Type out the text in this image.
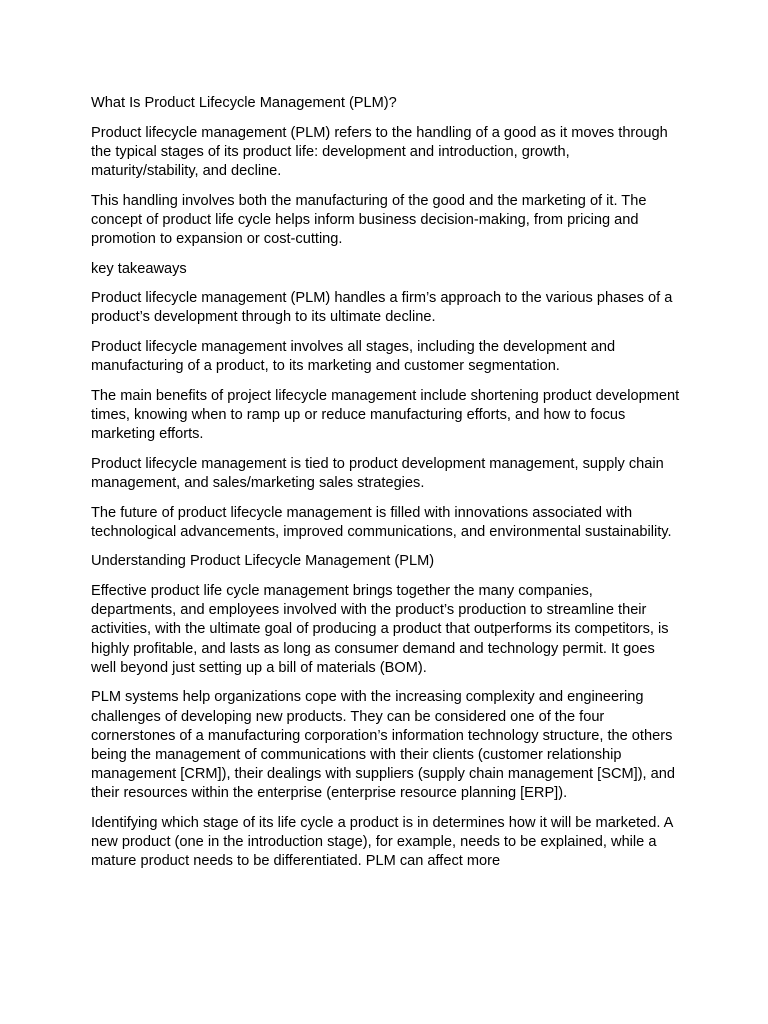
What Is Product Lifecycle Management (PLM)?

Product lifecycle management (PLM) refers to the handling of a good as it moves through the typical stages of its product life: development and introduction, growth, maturity/stability, and decline.

This handling involves both the manufacturing of the good and the marketing of it. The concept of product life cycle helps inform business decision-making, from pricing and promotion to expansion or cost-cutting.

key takeaways

Product lifecycle management (PLM) handles a firm’s approach to the various phases of a product’s development through to its ultimate decline.

Product lifecycle management involves all stages, including the development and manufacturing of a product, to its marketing and customer segmentation.

The main benefits of project lifecycle management include shortening product development times, knowing when to ramp up or reduce manufacturing efforts, and how to focus marketing efforts.

Product lifecycle management is tied to product development management, supply chain management, and sales/marketing sales strategies.

The future of product lifecycle management is filled with innovations associated with technological advancements, improved communications, and environmental sustainability.

Understanding Product Lifecycle Management (PLM)

Effective product life cycle management brings together the many companies, departments, and employees involved with the product’s production to streamline their activities, with the ultimate goal of producing a product that outperforms its competitors, is highly profitable, and lasts as long as consumer demand and technology permit. It goes well beyond just setting up a bill of materials (BOM).

PLM systems help organizations cope with the increasing complexity and engineering challenges of developing new products. They can be considered one of the four cornerstones of a manufacturing corporation’s information technology structure, the others being the management of communications with their clients (customer relationship management [CRM]), their dealings with suppliers (supply chain management [SCM]), and their resources within the enterprise (enterprise resource planning [ERP]).

Identifying which stage of its life cycle a product is in determines how it will be marketed. A new product (one in the introduction stage), for example, needs to be explained, while a mature product needs to be differentiated. PLM can affect more
